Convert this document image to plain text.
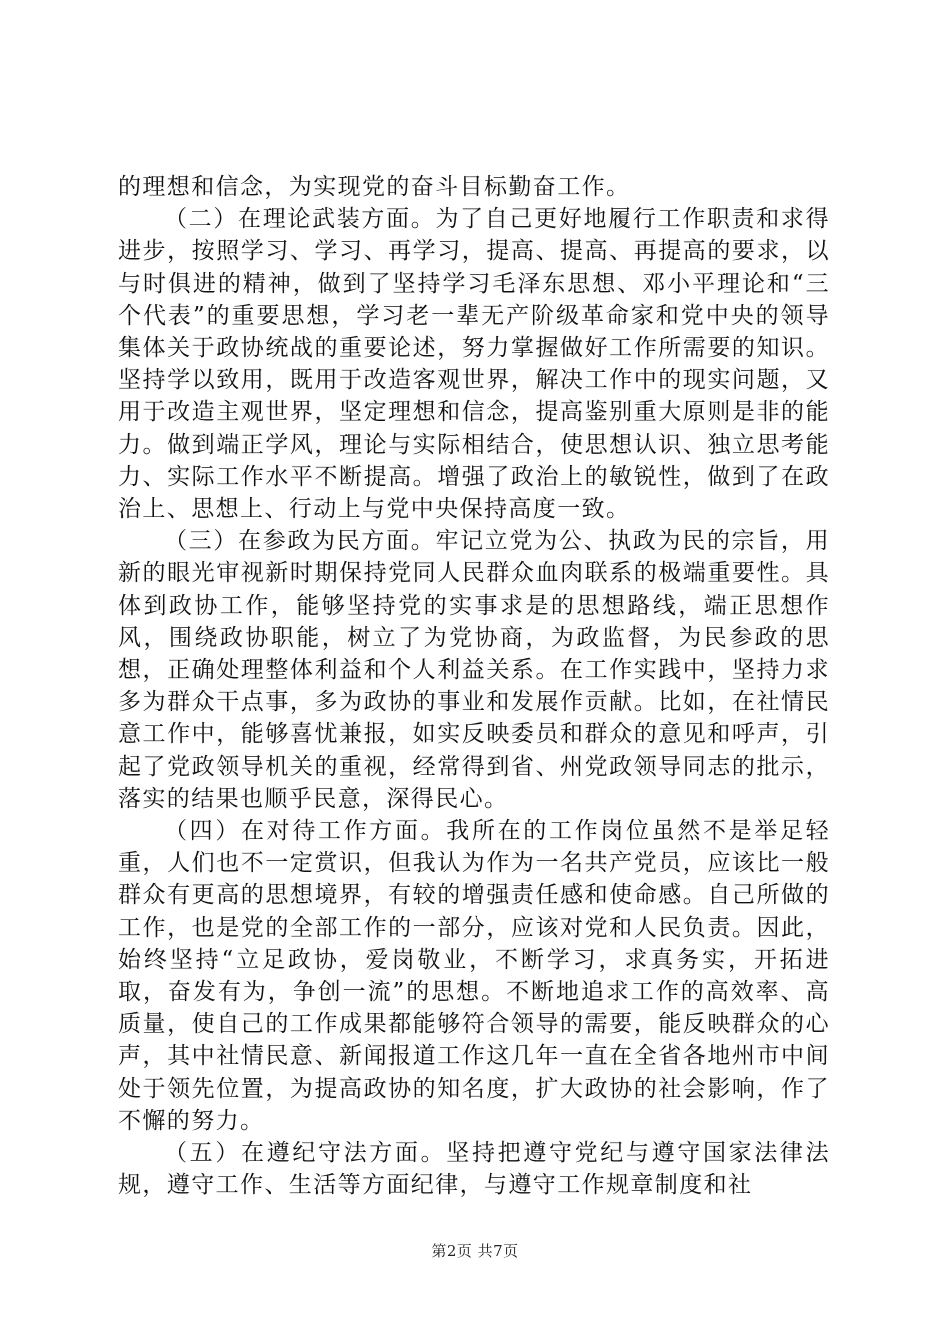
的理想和信念，为实现党的奋斗目标勤奋工作。

（二）在理论武装方面。为了自己更好地履行工作职责和求得进步，按照学习、学习、再学习，提高、提高、再提高的要求，以与时俱进的精神，做到了坚持学习毛泽东思想、邓小平理论和“三个代表”的重要思想，学习老一辈无产阶级革命家和党中央的领导集体关于政协统战的重要论述，努力掌握做好工作所需要的知识。坚持学以致用，既用于改造客观世界，解决工作中的现实问题，又用于改造主观世界，坚定理想和信念，提高鉴别重大原则是非的能力。做到端正学风，理论与实际相结合，使思想认识、独立思考能力、实际工作水平不断提高。增强了政治上的敏锐性，做到了在政治上、思想上、行动上与党中央保持高度一致。

（三）在参政为民方面。牢记立党为公、执政为民的宗旨，用新的眼光审视新时期保持党同人民群众血肉联系的极端重要性。具体到政协工作，能够坚持党的实事求是的思想路线，端正思想作风，围绕政协职能，树立了为党协商，为政监督，为民参政的思想，正确处理整体利益和个人利益关系。在工作实践中，坚持力求多为群众干点事，多为政协的事业和发展作贡献。比如，在社情民意工作中，能够喜忧兼报，如实反映委员和群众的意见和呼声，引起了党政领导机关的重视，经常得到省、州党政领导同志的批示，落实的结果也顺乎民意，深得民心。

（四）在对待工作方面。我所在的工作岗位虽然不是举足轻重，人们也不一定赏识，但我认为作为一名共产党员，应该比一般群众有更高的思想境界，有较的增强责任感和使命感。自己所做的工作，也是党的全部工作的一部分，应该对党和人民负责。因此，始终坚持“立足政协，爱岗敬业，不断学习，求真务实，开拓进取，奋发有为，争创一流”的思想。不断地追求工作的高效率、高质量，使自己的工作成果都能够符合领导的需要，能反映群众的心声，其中社情民意、新闻报道工作这几年一直在全省各地州市中间处于领先位置，为提高政协的知名度，扩大政协的社会影响，作了不懈的努力。

（五）在遵纪守法方面。坚持把遵守党纪与遵守国家法律法规，遵守工作、生活等方面纪律，与遵守工作规章制度和社

第2页 共7页
